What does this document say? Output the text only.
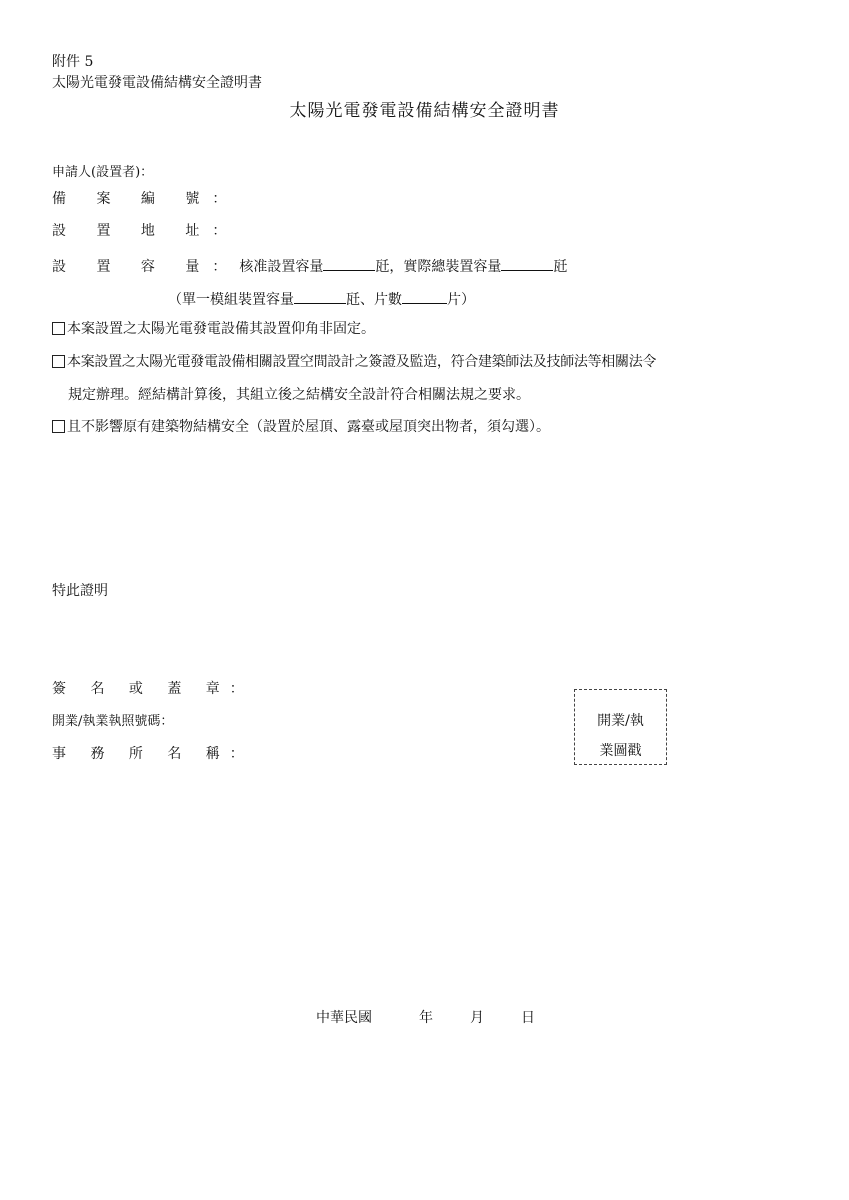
附件 5
太陽光電發電設備結構安全證明書
太陽光電發電設備結構安全證明書
申請人(設置者)：
備 案 編 號：
設 置 地 址：
設 置 容 量：核准設置容量	瓩，實際總裝置容量	瓩
（單一模組裝置容量	瓩、片數	片）
本案設置之太陽光電發電設備其設置仰角非固定。
本案設置之太陽光電發電設備相關設置空間設計之簽證及監造，符合建築師法及技師法等相關法令
規定辦理。經結構計算後，其組立後之結構安全設計符合相關法規之要求。
且不影響原有建築物結構安全（設置於屋頂、露臺或屋頂突出物者，須勾選）。
特此證明
簽 名 或 蓋 章：
開業/執業執照號碼：
事 務 所 名 稱：
開業/執
業圖戳
中華民國	年	月	日
